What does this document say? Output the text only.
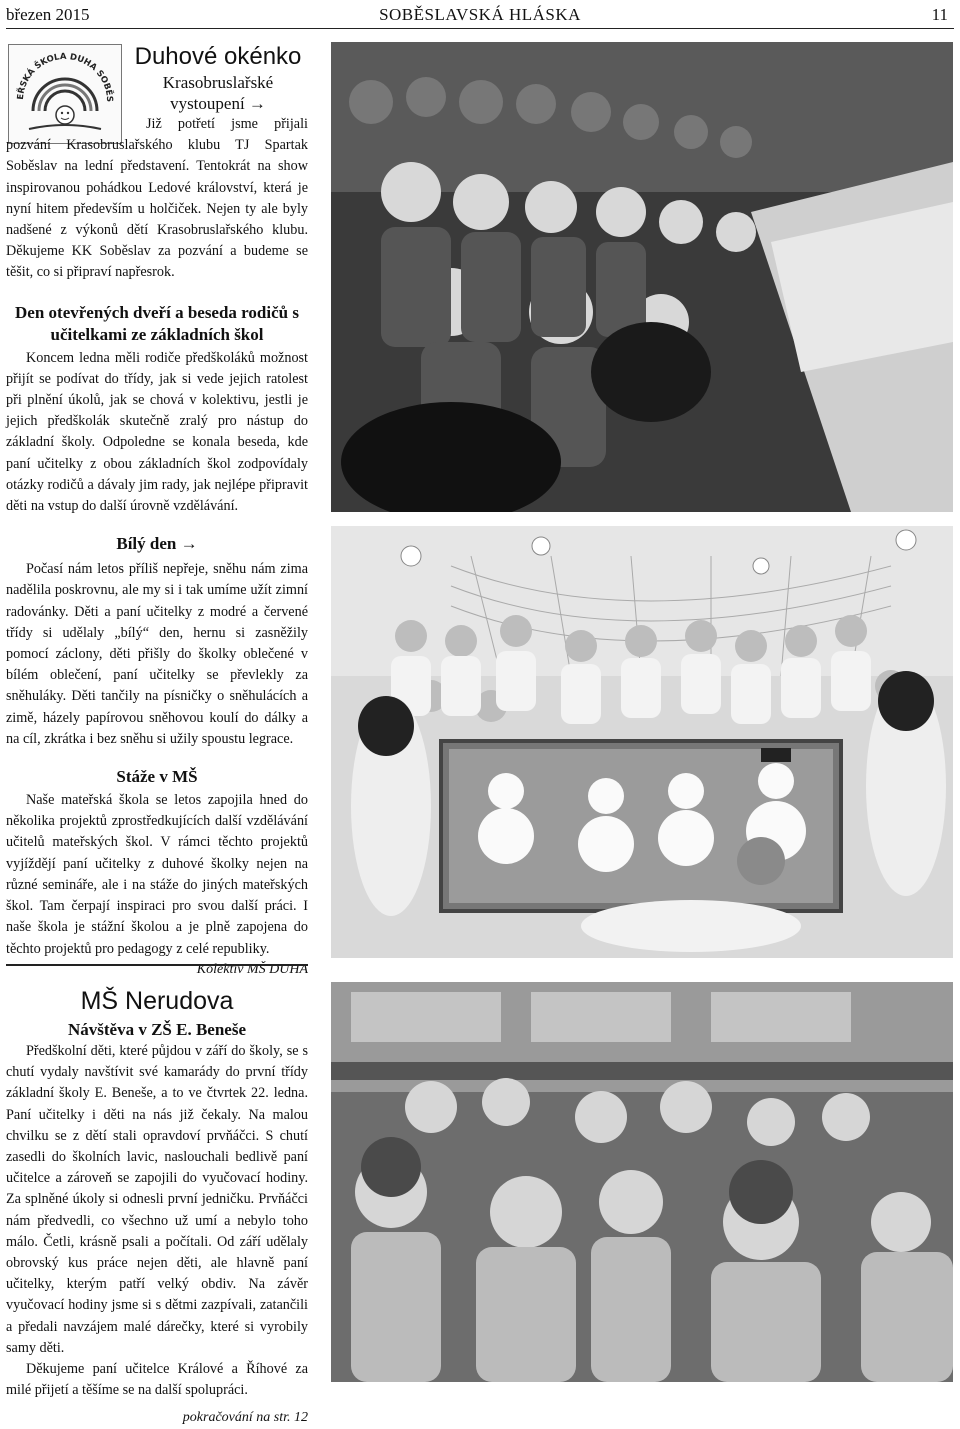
březen 2015	SOBĚSLAVSKÁ HLÁSKA	11
EŘSKÁ ŠKOLA DUHA SOBĚS
Duhové okénko
Krasobruslařské
vystoupení →

Již potřetí jsme přijali pozvání Krasobruslařského klubu TJ Spartak Soběslav na lední představení. Tentokrát na show inspirovanou pohádkou Ledové království, která je nyní hitem především u holčiček. Nejen ty ale byly nadšené z výkonů dětí Krasobruslařského klubu. Děkujeme KK Soběslav za pozvání a budeme se těšit, co si připraví napřesrok.

Den otevřených dveří a beseda rodičů s učitelkami ze základních škol

Koncem ledna měli rodiče předškoláků možnost přijít se podívat do třídy, jak si vede jejich ratolest při plnění úkolů, jak se chová v kolektivu, jestli je jejich předškolák skutečně zralý pro nástup do základní školy. Odpoledne se konala beseda, kde paní učitelky z obou základních škol zodpovídaly otázky rodičů a dávaly jim rady, jak nejlépe připravit děti na vstup do další úrovně vzdělávání.

Bílý den →

Počasí nám letos příliš nepřeje, sněhu nám zima nadělila poskrovnu, ale my si i tak umíme užít zimní radovánky. Děti a paní učitelky z modré a červené třídy si udělaly „bílý“ den, hernu si zasněžily pomocí záclony, děti přišly do školky oblečené v bílém oblečení, paní učitelky se převlekly za sněhuláky. Děti tančily na písničky o sněhulácích a zimě, házely papírovou sněhovou koulí do dálky a na cíl, zkrátka i bez sněhu si užily spoustu legrace.

Stáže v MŠ

Naše mateřská škola se letos zapojila hned do několika projektů zprostředkujících další vzdělávání učitelů mateřských škol. V rámci těchto projektů vyjíždějí paní učitelky z duhové školky nejen na různé semináře, ale i na stáže do jiných mateřských škol. Tam čerpají inspiraci pro svou další práci. I naše škola je stážní školou a je plně zapojena do těchto projektů pro pedagogy z celé republiky.

Kolektiv MŠ DUHA
MŠ Nerudova
Návštěva v ZŠ E. Beneše

Předškolní děti, které půjdou v září do školy, se s chutí vydaly navštívit své kamarády do první třídy základní školy E. Beneše, a to ve čtvrtek 22. ledna. Paní učitelky i děti na nás již čekaly. Na malou chvilku se z dětí stali opravdoví prvňáčci. S chutí zasedli do školních lavic, naslouchali bedlivě paní učitelce a zároveň se zapojili do vyučovací hodiny. Za splněné úkoly si odnesli první jedničku. Prvňáčci nám předvedli, co všechno už umí a nebylo toho málo. Četli, krásně psali a počítali. Od září udělaly obrovský kus práce nejen děti, ale hlavně paní učitelky, kterým patří velký obdiv. Na závěr vyučovací hodiny jsme si s dětmi zazpívali, zatančili a předali navzájem malé dárečky, které si vyrobily samy děti.

Děkujeme paní učitelce Králové a Říhové za milé přijetí a těšíme se na další spolupráci.

pokračování na str. 12
